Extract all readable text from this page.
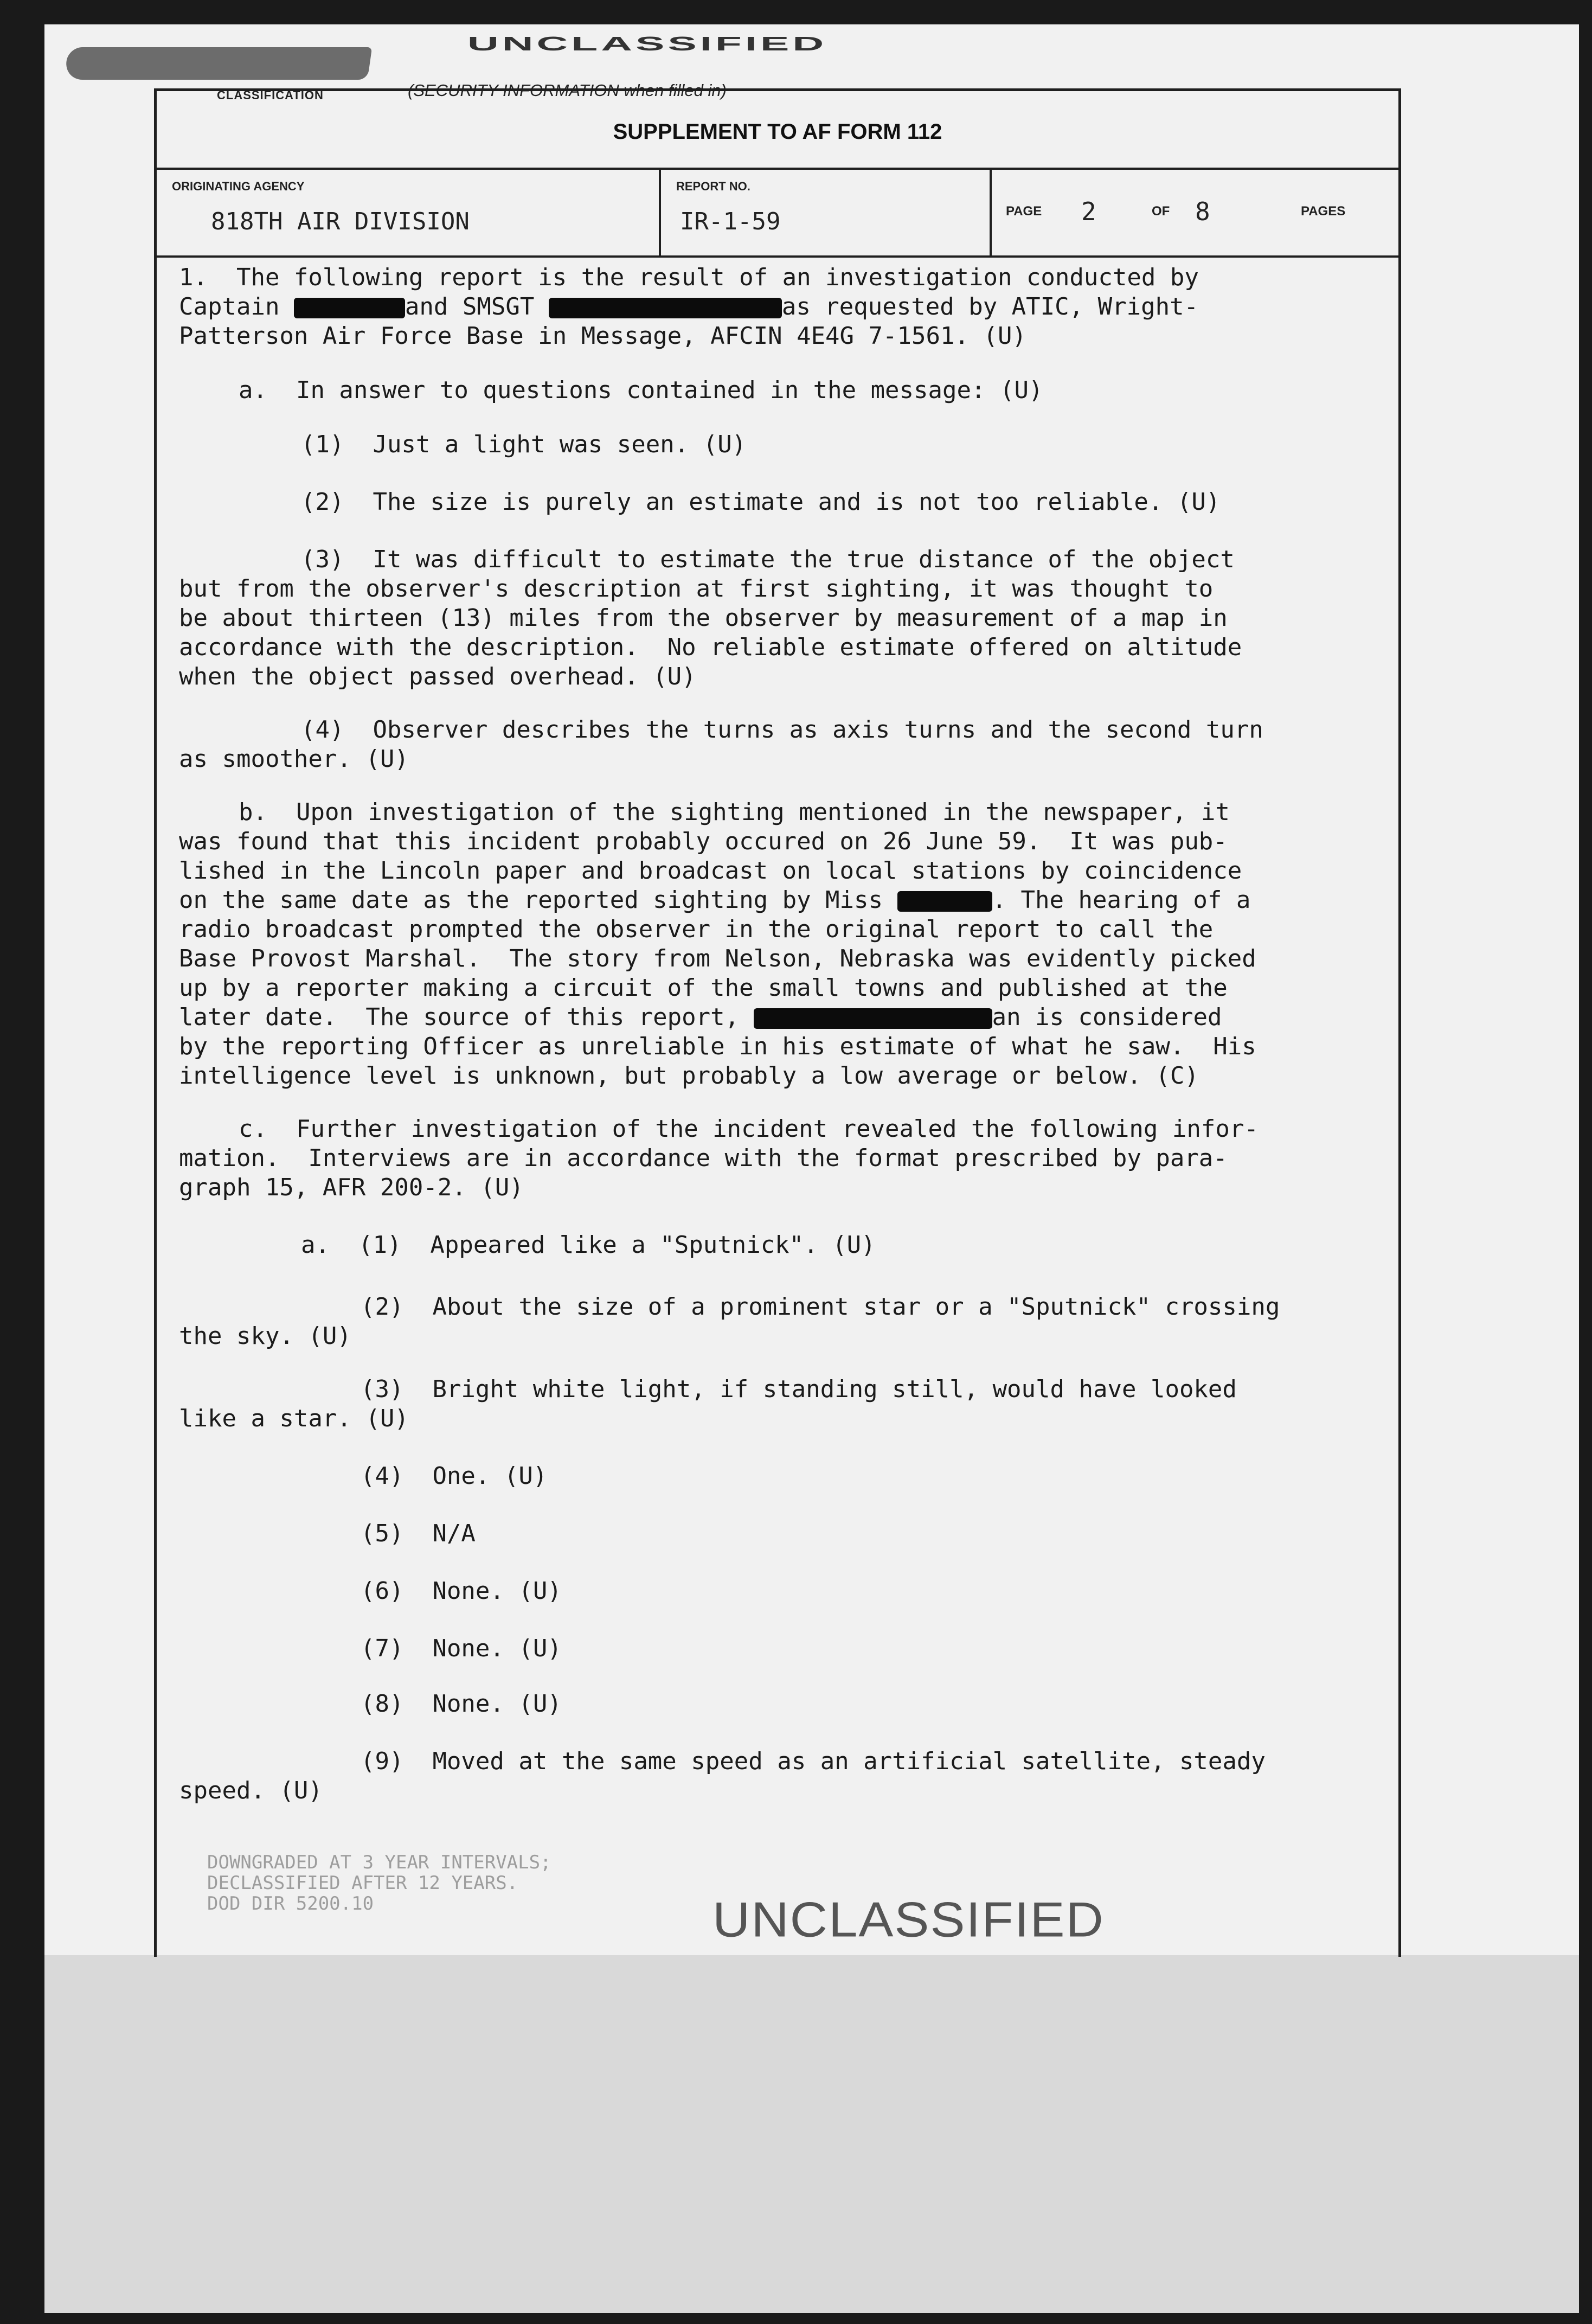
UNCLASSIFIED
CLASSIFICATION	(SECURITY INFORMATION when filled in)
SUPPLEMENT TO AF FORM 112
ORIGINATING AGENCY
818TH AIR DIVISION
REPORT NO.
IR-1-59	PAGE 2	OF 8	PAGES

1.  The following report is the result of an investigation conducted by

Captain	and SMSGT	as requested by ATIC, Wright-

Patterson Air Force Base in Message, AFCIN 4E4G 7-1561. (U)

a.  In answer to questions contained in the message: (U)

(1)  Just a light was seen. (U)

(2)  The size is purely an estimate and is not too reliable. (U)

(3)  It was difficult to estimate the true distance of the object

but from the observer's description at first sighting, it was thought to
be about thirteen (13) miles from the observer by measurement of a map in
accordance with the description.  No reliable estimate offered on altitude
when the object passed overhead. (U)

(4)  Observer describes the turns as axis turns and the second turn

as smoother. (U)

b.  Upon investigation of the sighting mentioned in the newspaper, it

was found that this incident probably occured on 26 June 59.  It was pub-

lished in the Lincoln paper and broadcast on local stations by coincidence

on the same date as the reported sighting by Miss	. The hearing of a

radio broadcast prompted the observer in the original report to call the

Base Provost Marshal.  The story from Nelson, Nebraska was evidently picked

up by a reporter making a circuit of the small towns and published at the

later date.  The source of this report,	an is considered

by the reporting Officer as unreliable in his estimate of what he saw.  His

intelligence level is unknown, but probably a low average or below. (C)

c.  Further investigation of the incident revealed the following infor-

mation.  Interviews are in accordance with the format prescribed by para-

graph 15, AFR 200-2. (U)

a.  (1)  Appeared like a "Sputnick". (U)

(2)  About the size of a prominent star or a "Sputnick" crossing

the sky. (U)

(3)  Bright white light, if standing still, would have looked

like a star. (U)

(4)  One. (U)

(5)  N/A

(6)  None. (U)

(7)  None. (U)

(8)  None. (U)

(9)  Moved at the same speed as an artificial satellite, steady

speed. (U)

DOWNGRADED AT 3 YEAR INTERVALS;
DECLASSIFIED AFTER 12 YEARS.
DOD DIR 5200.10	UNCLASSIFIED
